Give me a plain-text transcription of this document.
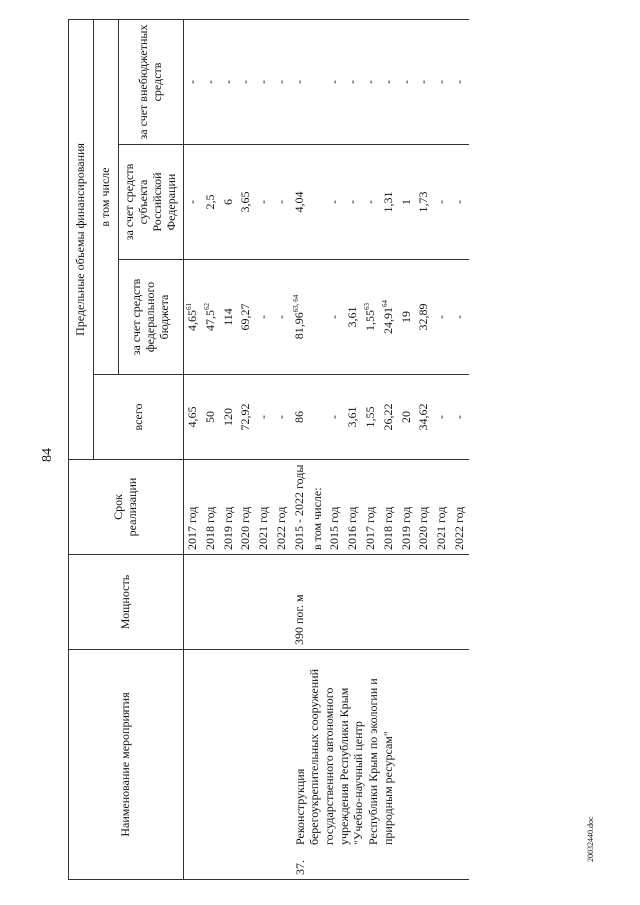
84
20032440.doc
Наименование мероприятия	Мощность	Срок реализации	Предельные объемы финансирования			
			всего	в том числе		
				за счет средств федерального бюджета	за счет средств субъекта Российской Федерации	за счет внебюджетных средств
		2017 год	4,65	4,65$^{61}$	-	-
		2018 год	50	47,5$^{62}$	2,5	-
		2019 год	120	114	6	-
		2020 год	72,92	69,27	3,65	-
		2021 год	-	-	-	-
		2022 год	-	-	-	-
37.Реконструкция берегоукрепительных сооружений государственного автономного учреждения Республики Крым "Учебно-научный центр Республики Крым по экологии и природным ресурсам"	390 пог. м	2015 - 2022 годы в том числе:	86	81,96$^{63, 64}$	4,04	-
		2015 год	-	-	-	-
		2016 год	3,61	3,61	-	-
		2017 год	1,55	1,55$^{63}$	-	-
		2018 год	26,22	24,91$^{64}$	1,31	-
		2019 год	20	19	1	-
		2020 год	34,62	32,89	1,73	-
		2021 год	-	-	-	-
		2022 год	-	-	-	-
